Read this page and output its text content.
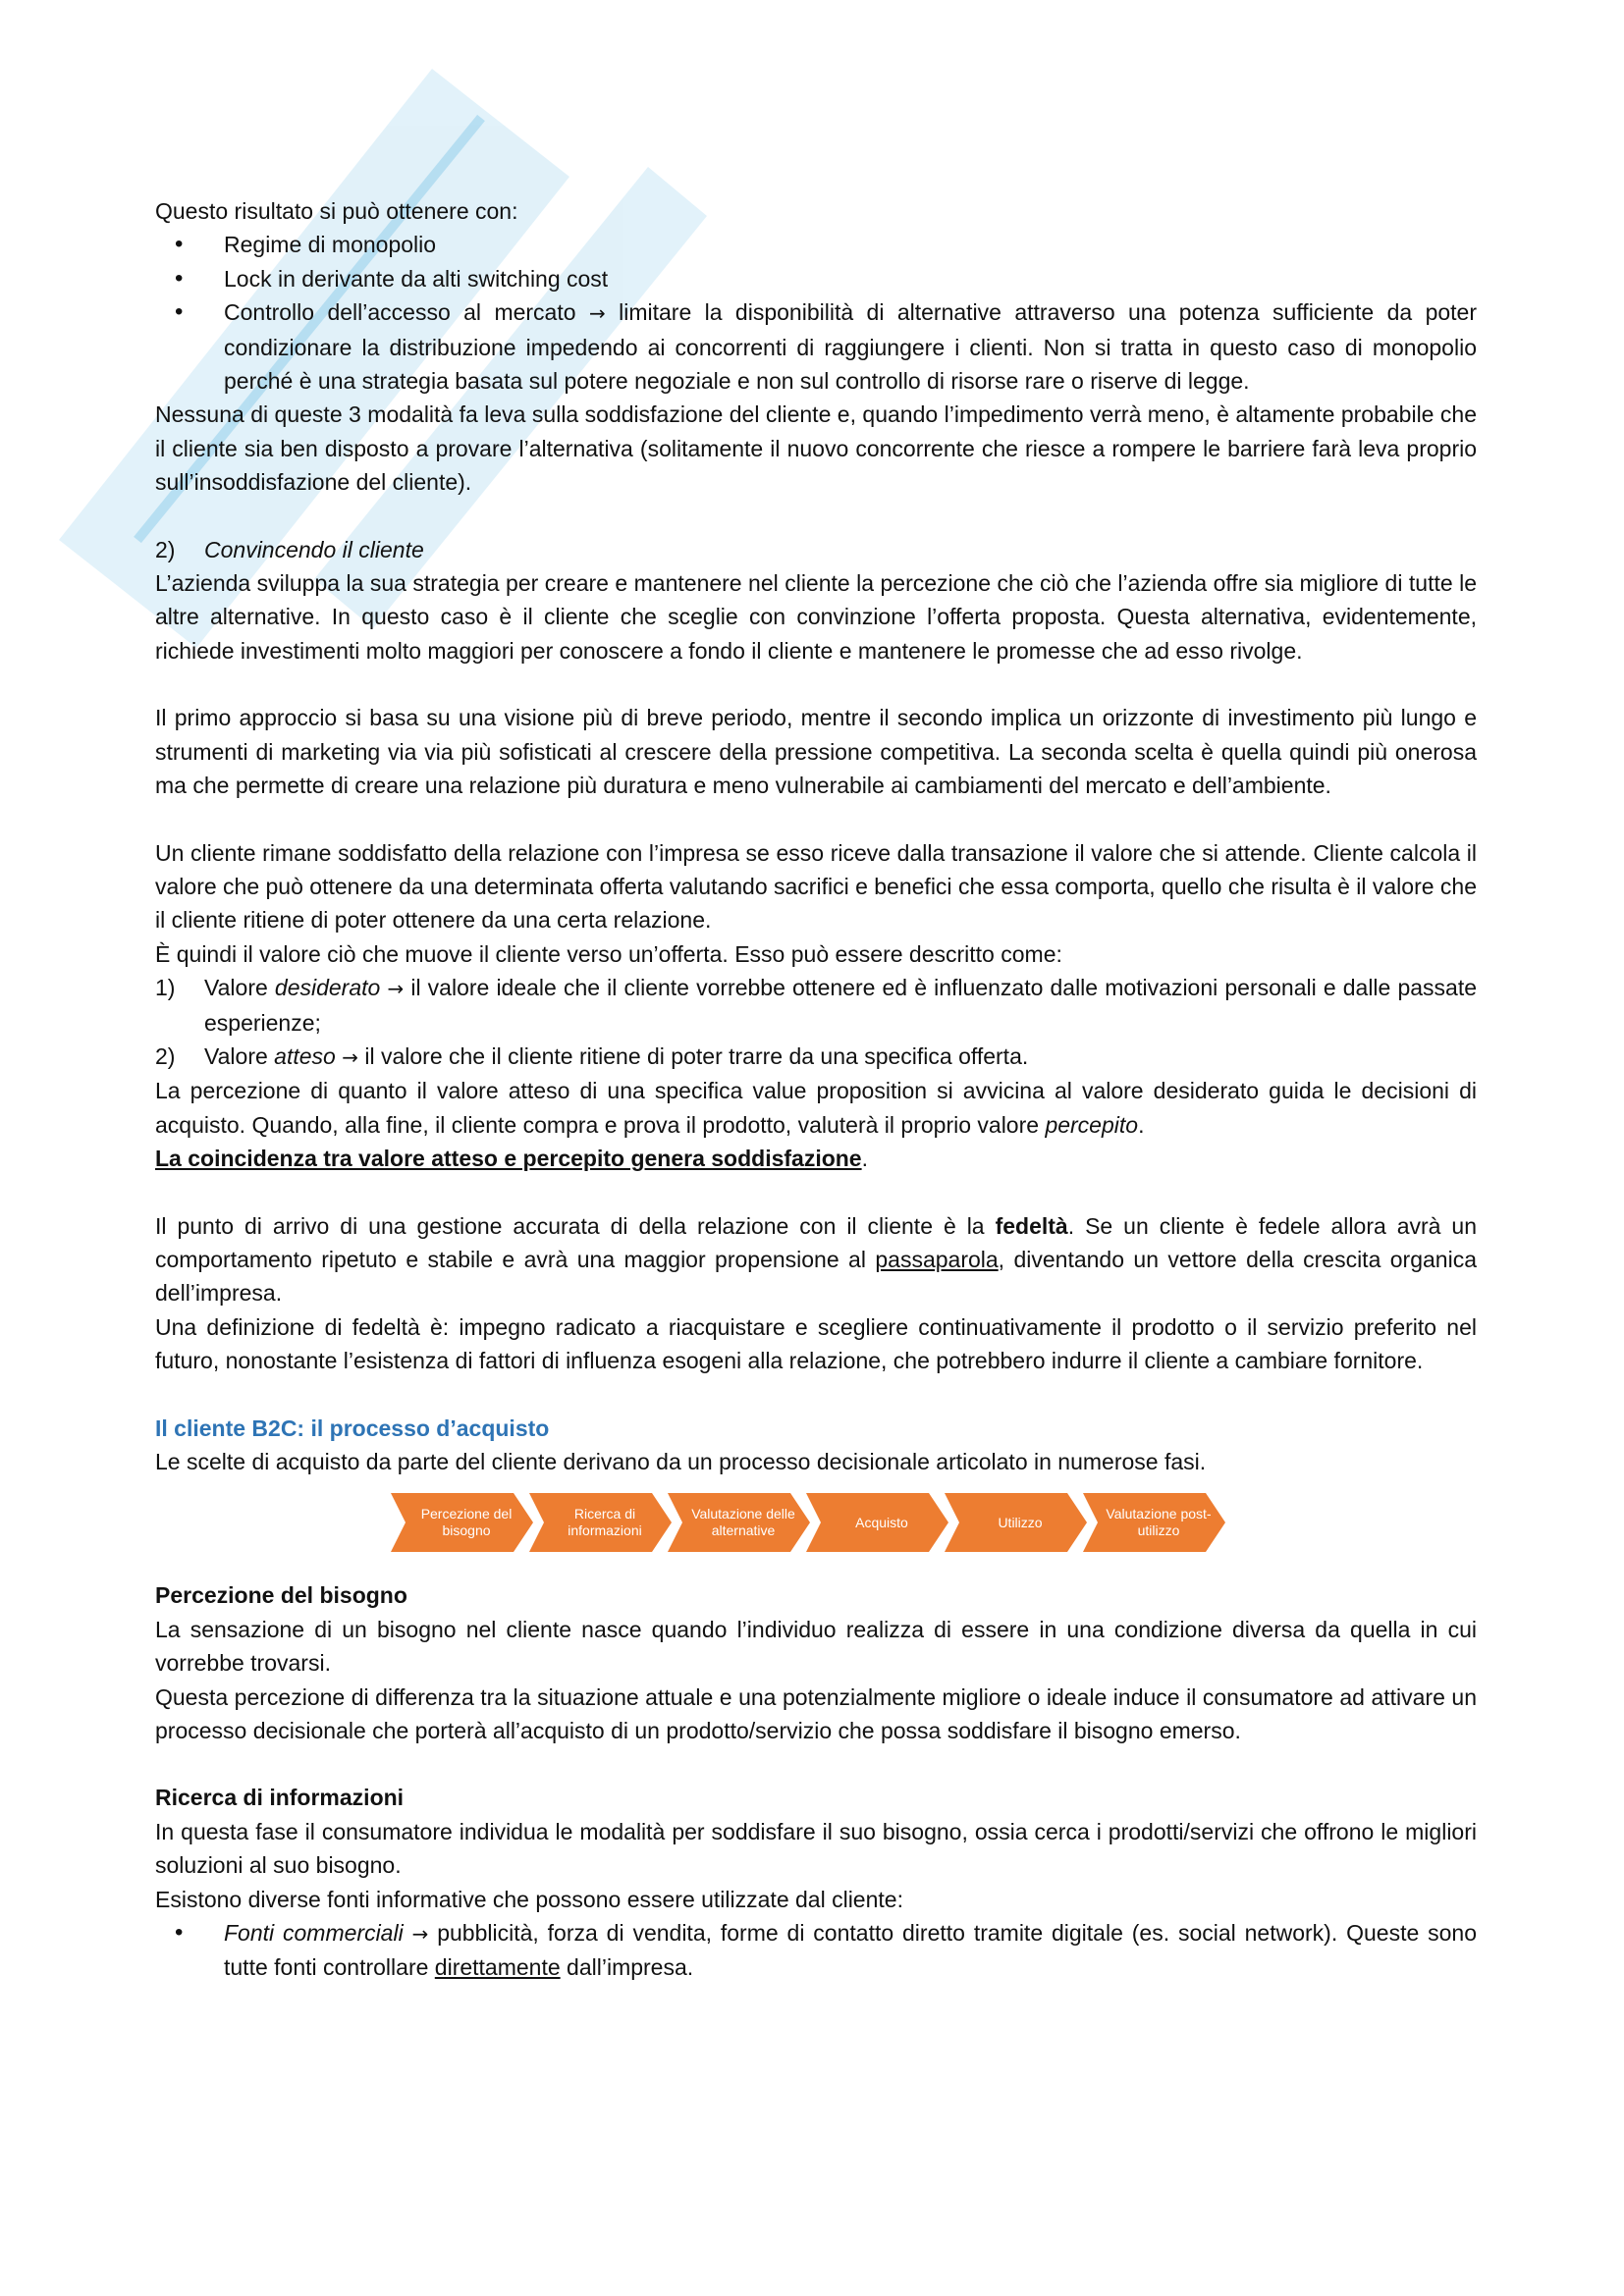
Questo risultato si può ottenere con:

• Regime di monopolio
• Lock in derivante da alti switching cost
• Controllo dell’accesso al mercato → limitare la disponibilità di alternative attraverso una potenza sufficiente da poter condizionare la distribuzione impedendo ai concorrenti di raggiungere i clienti. Non si tratta in questo caso di monopolio perché è una strategia basata sul potere negoziale e non sul controllo di risorse rare o riserve di legge.

Nessuna di queste 3 modalità fa leva sulla soddisfazione del cliente e, quando l’impedimento verrà meno, è altamente probabile che il cliente sia ben disposto a provare l’alternativa (solitamente il nuovo concorrente che riesce a rompere le barriere farà leva proprio sull’insoddisfazione del cliente).

2) Convincendo il cliente

L’azienda sviluppa la sua strategia per creare e mantenere nel cliente la percezione che ciò che l’azienda offre sia migliore di tutte le altre alternative. In questo caso è il cliente che sceglie con convinzione l’offerta proposta. Questa alternativa, evidentemente, richiede investimenti molto maggiori per conoscere a fondo il cliente e mantenere le promesse che ad esso rivolge.

Il primo approccio si basa su una visione più di breve periodo, mentre il secondo implica un orizzonte di investimento più lungo e strumenti di marketing via via più sofisticati al crescere della pressione competitiva. La seconda scelta è quella quindi più onerosa ma che permette di creare una relazione più duratura e meno vulnerabile ai cambiamenti del mercato e dell’ambiente.

Un cliente rimane soddisfatto della relazione con l’impresa se esso riceve dalla transazione il valore che si attende. Cliente calcola il valore che può ottenere da una determinata offerta valutando sacrifici e benefici che essa comporta, quello che risulta è il valore che il cliente ritiene di poter ottenere da una certa relazione.

È quindi il valore ciò che muove il cliente verso un’offerta. Esso può essere descritto come:

1) Valore desiderato → il valore ideale che il cliente vorrebbe ottenere ed è influenzato dalle motivazioni personali e dalle passate esperienze;
2) Valore atteso → il valore che il cliente ritiene di poter trarre da una specifica offerta.

La percezione di quanto il valore atteso di una specifica value proposition si avvicina al valore desiderato guida le decisioni di acquisto. Quando, alla fine, il cliente compra e prova il prodotto, valuterà il proprio valore percepito.

La coincidenza tra valore atteso e percepito genera soddisfazione.

Il punto di arrivo di una gestione accurata di della relazione con il cliente è la fedeltà. Se un cliente è fedele allora avrà un comportamento ripetuto e stabile e avrà una maggior propensione al passaparola, diventando un vettore della crescita organica dell’impresa.

Una definizione di fedeltà è: impegno radicato a riacquistare e scegliere continuativamente il prodotto o il servizio preferito nel futuro, nonostante l’esistenza di fattori di influenza esogeni alla relazione, che potrebbero indurre il cliente a cambiare fornitore.

Il cliente B2C: il processo d’acquisto

Le scelte di acquisto da parte del cliente derivano da un processo decisionale articolato in numerose fasi.

Percezione del bisogno
Ricerca di informazioni
Valutazione delle alternative
Acquisto	Utilizzo
Valutazione post-utilizzo

Percezione del bisogno

La sensazione di un bisogno nel cliente nasce quando l’individuo realizza di essere in una condizione diversa da quella in cui vorrebbe trovarsi.

Questa percezione di differenza tra la situazione attuale e una potenzialmente migliore o ideale induce il consumatore ad attivare un processo decisionale che porterà all’acquisto di un prodotto/servizio che possa soddisfare il bisogno emerso.

Ricerca di informazioni

In questa fase il consumatore individua le modalità per soddisfare il suo bisogno, ossia cerca i prodotti/servizi che offrono le migliori soluzioni al suo bisogno.

Esistono diverse fonti informative che possono essere utilizzate dal cliente:

• Fonti commerciali → pubblicità, forza di vendita, forme di contatto diretto tramite digitale (es. social network). Queste sono tutte fonti controllare direttamente dall’impresa.
